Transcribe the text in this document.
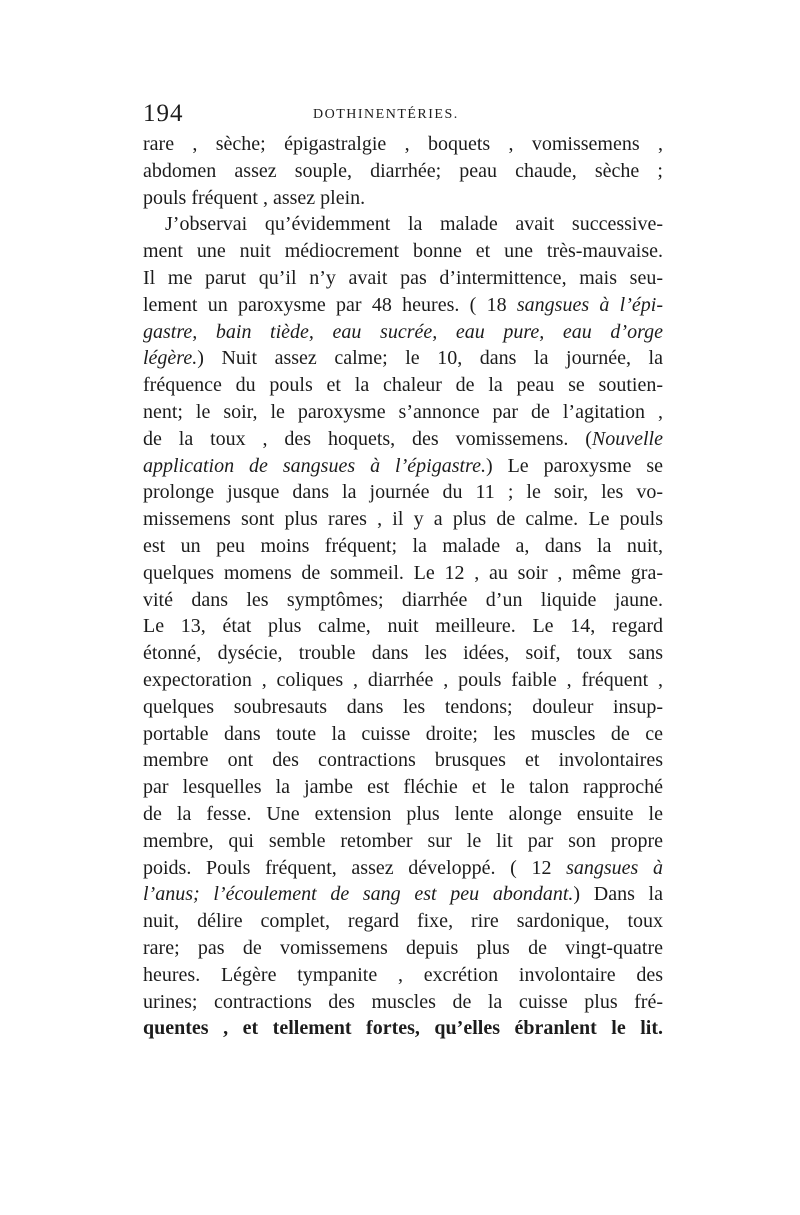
194	DOTHINENTÉRIES.
rare , sèche; épigastralgie , boquets , vomissemens ,
abdomen assez souple, diarrhée; peau chaude, sèche ;
pouls fréquent , assez plein.
J’observai qu’évidemment la malade avait successive-
ment une nuit médiocrement bonne et une très-mauvaise.
Il me parut qu’il n’y avait pas d’intermittence, mais seu-
lement un paroxysme par 48 heures. ( 18 sangsues à l’épi-
gastre, bain tiède, eau sucrée, eau pure, eau d’orge
légère.) Nuit assez calme; le 10, dans la journée, la
fréquence du pouls et la chaleur de la peau se soutien-
nent; le soir, le paroxysme s’annonce par de l’agitation ,
de la toux , des hoquets, des vomissemens. (Nouvelle
application de sangsues à l’épigastre.) Le paroxysme se
prolonge jusque dans la journée du 11 ; le soir, les vo-
missemens sont plus rares , il y a plus de calme. Le pouls
est un peu moins fréquent; la malade a, dans la nuit,
quelques momens de sommeil. Le 12 , au soir , même gra-
vité dans les symptômes; diarrhée d’un liquide jaune.
Le 13, état plus calme, nuit meilleure. Le 14, regard
étonné, dysécie, trouble dans les idées, soif, toux sans
expectoration , coliques , diarrhée , pouls faible , fréquent ,
quelques soubresauts dans les tendons; douleur insup-
portable dans toute la cuisse droite; les muscles de ce
membre ont des contractions brusques et involontaires
par lesquelles la jambe est fléchie et le talon rapproché
de la fesse. Une extension plus lente alonge ensuite le
membre, qui semble retomber sur le lit par son propre
poids. Pouls fréquent, assez développé. ( 12 sangsues à
l’anus; l’écoulement de sang est peu abondant.) Dans la
nuit, délire complet, regard fixe, rire sardonique, toux
rare; pas de vomissemens depuis plus de vingt-quatre
heures. Légère tympanite , excrétion involontaire des
urines; contractions des muscles de la cuisse plus fré-
quentes , et tellement fortes, qu’elles ébranlent le lit.
